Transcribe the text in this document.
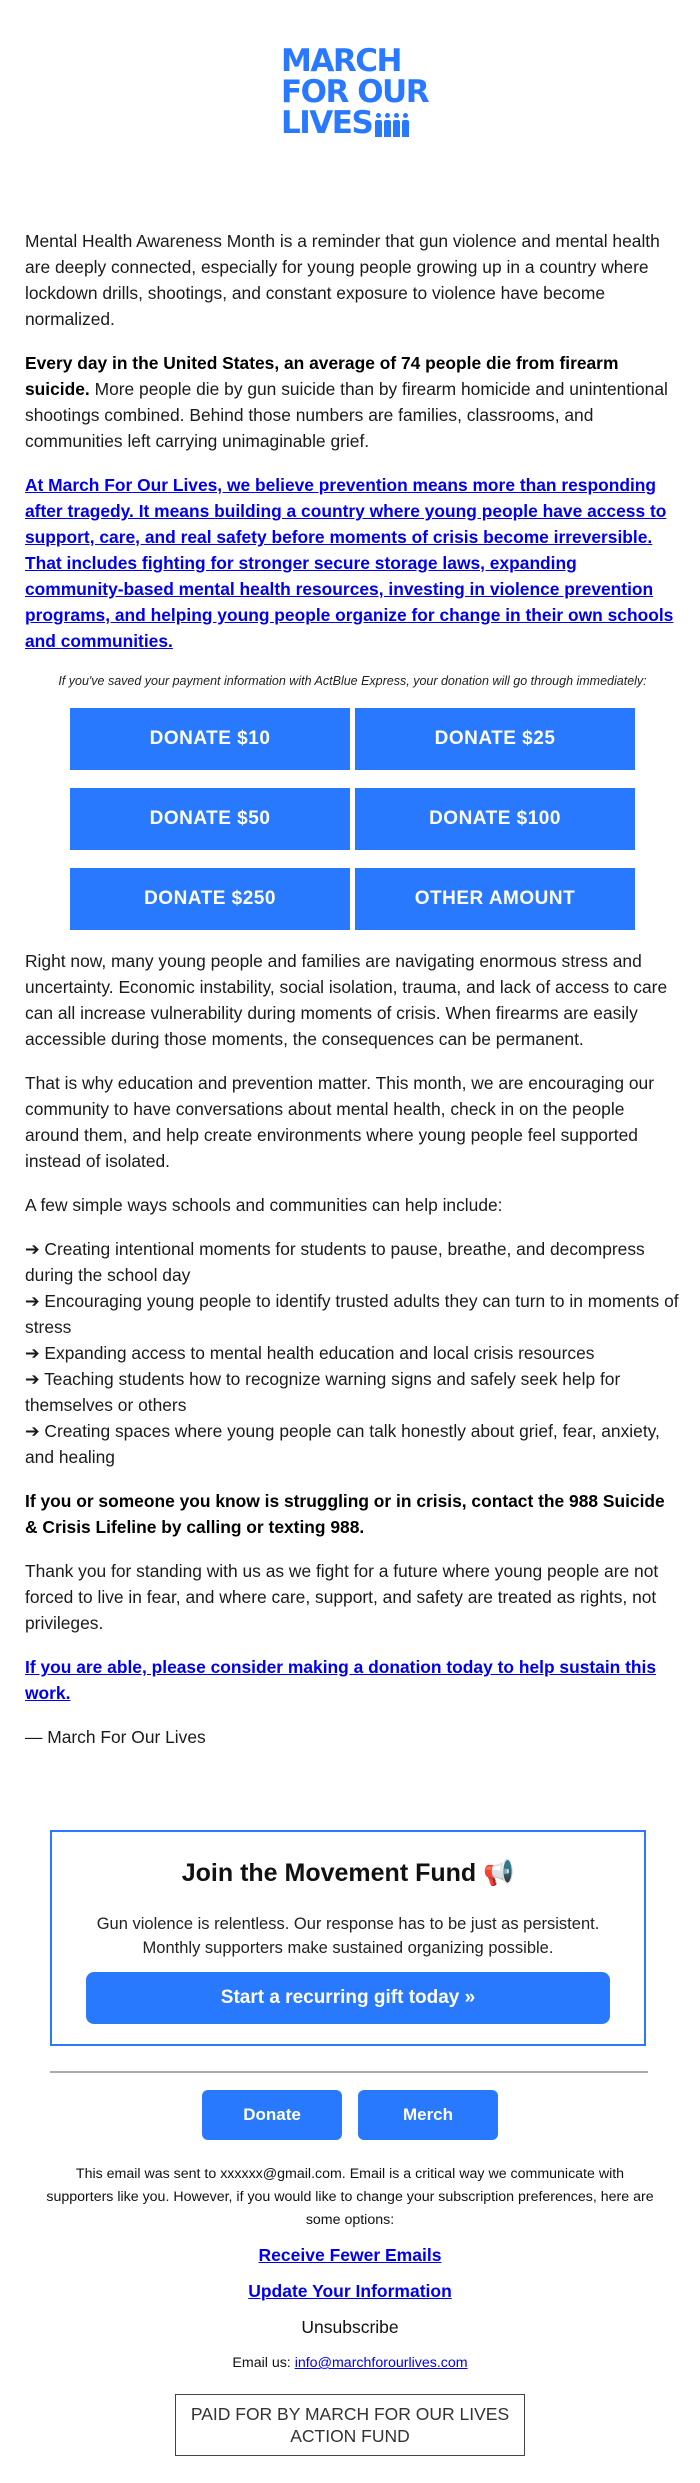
MARCH
FOR OUR
LIVES

Mental Health Awareness Month is a reminder that gun violence and mental health are deeply connected, especially for young people growing up in a country where lockdown drills, shootings, and constant exposure to violence have become normalized.

Every day in the United States, an average of 74 people die from firearm suicide. More people die by gun suicide than by firearm homicide and unintentional shootings combined. Behind those numbers are families, classrooms, and communities left carrying unimaginable grief.

At March For Our Lives, we believe prevention means more than responding after tragedy. It means building a country where young people have access to support, care, and real safety before moments of crisis become irreversible. That includes fighting for stronger secure storage laws, expanding community-based mental health resources, investing in violence prevention programs, and helping young people organize for change in their own schools and communities.

If you've saved your payment information with ActBlue Express, your donation will go through immediately:
DONATE $10	DONATE $25
DONATE $50	DONATE $100
DONATE $250	OTHER AMOUNT

Right now, many young people and families are navigating enormous stress and uncertainty. Economic instability, social isolation, trauma, and lack of access to care can all increase vulnerability during moments of crisis. When firearms are easily accessible during those moments, the consequences can be permanent.

That is why education and prevention matter. This month, we are encouraging our community to have conversations about mental health, check in on the people around them, and help create environments where young people feel supported instead of isolated.

A few simple ways schools and communities can help include:

➔ Creating intentional moments for students to pause, breathe, and decompress during the school day
➔ Encouraging young people to identify trusted adults they can turn to in moments of stress
➔ Expanding access to mental health education and local crisis resources
➔ Teaching students how to recognize warning signs and safely seek help for themselves or others
➔ Creating spaces where young people can talk honestly about grief, fear, anxiety, and healing

If you or someone you know is struggling or in crisis, contact the 988 Suicide & Crisis Lifeline by calling or texting 988.

Thank you for standing with us as we fight for a future where young people are not forced to live in fear, and where care, support, and safety are treated as rights, not privileges.

If you are able, please consider making a donation today to help sustain this work.

— March For Our Lives

Join the Movement Fund 📢
Gun violence is relentless. Our response has to be just as persistent.
Monthly supporters make sustained organizing possible.
Start a recurring gift today »
Donate	Merch
This email was sent to xxxxxx@gmail.com. Email is a critical way we communicate with supporters like you. However, if you would like to change your subscription preferences, here are some options:
Receive Fewer Emails
Update Your Information
Unsubscribe
Email us: info@marchforourlives.com
PAID FOR BY MARCH FOR OUR LIVES ACTION FUND
